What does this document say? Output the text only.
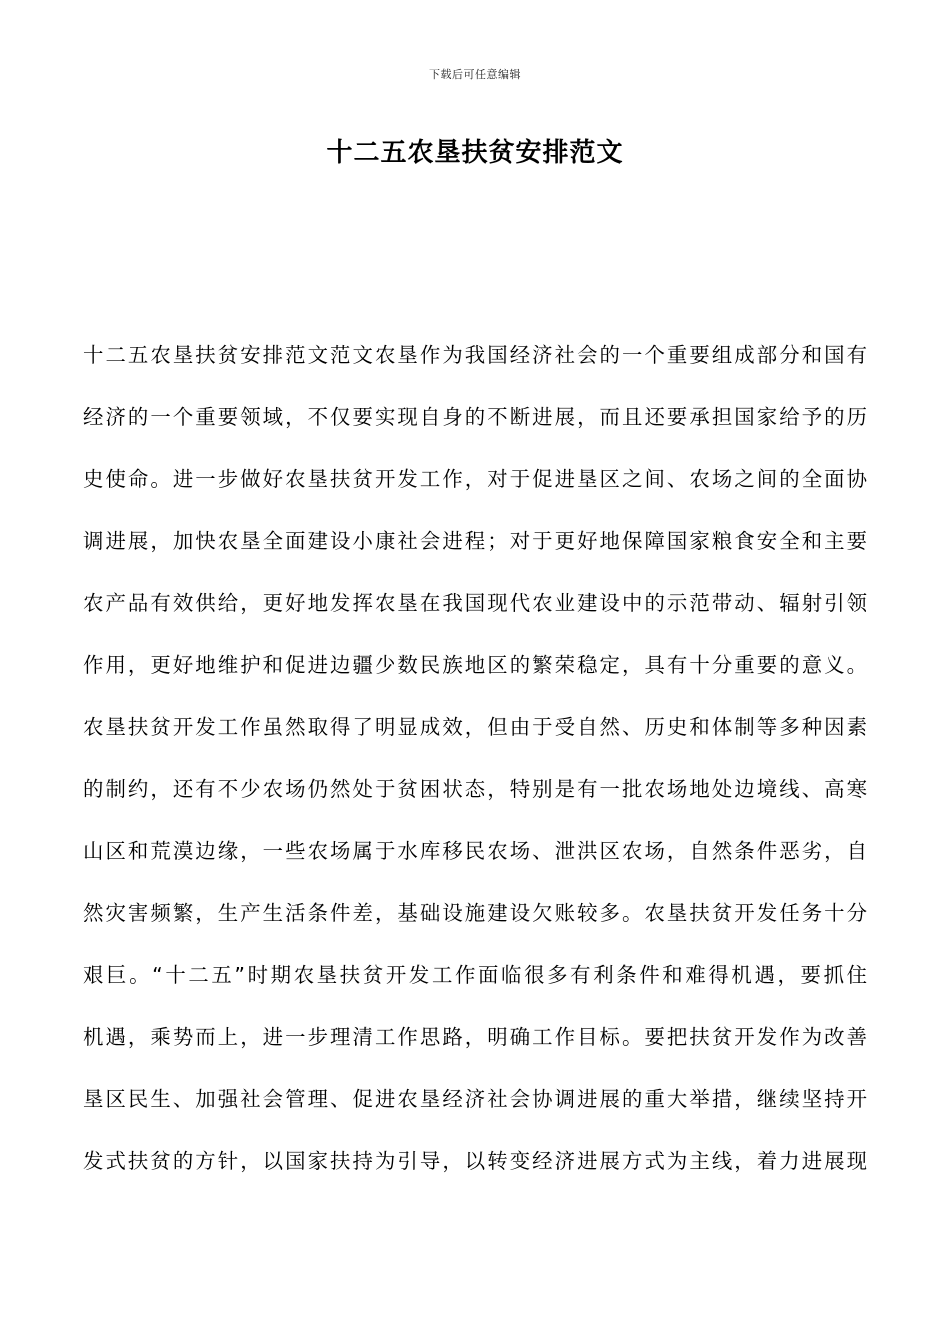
下载后可任意编辑
十二五农垦扶贫安排范文
十二五农垦扶贫安排范文范文农垦作为我国经济社会的一个重要组成部分和国有
经济的一个重要领域，不仅要实现自身的不断进展，而且还要承担国家给予的历
史使命。进一步做好农垦扶贫开发工作，对于促进垦区之间、农场之间的全面协
调进展，加快农垦全面建设小康社会进程；对于更好地保障国家粮食安全和主要
农产品有效供给，更好地发挥农垦在我国现代农业建设中的示范带动、辐射引领
作用，更好地维护和促进边疆少数民族地区的繁荣稳定，具有十分重要的意义。
农垦扶贫开发工作虽然取得了明显成效，但由于受自然、历史和体制等多种因素
的制约，还有不少农场仍然处于贫困状态，特别是有一批农场地处边境线、高寒
山区和荒漠边缘，一些农场属于水库移民农场、泄洪区农场，自然条件恶劣，自
然灾害频繁，生产生活条件差，基础设施建设欠账较多。农垦扶贫开发任务十分
艰巨。“十二五”时期农垦扶贫开发工作面临很多有利条件和难得机遇，要抓住
机遇，乘势而上，进一步理清工作思路，明确工作目标。要把扶贫开发作为改善
垦区民生、加强社会管理、促进农垦经济社会协调进展的重大举措，继续坚持开
发式扶贫的方针，以国家扶持为引导，以转变经济进展方式为主线，着力进展现
